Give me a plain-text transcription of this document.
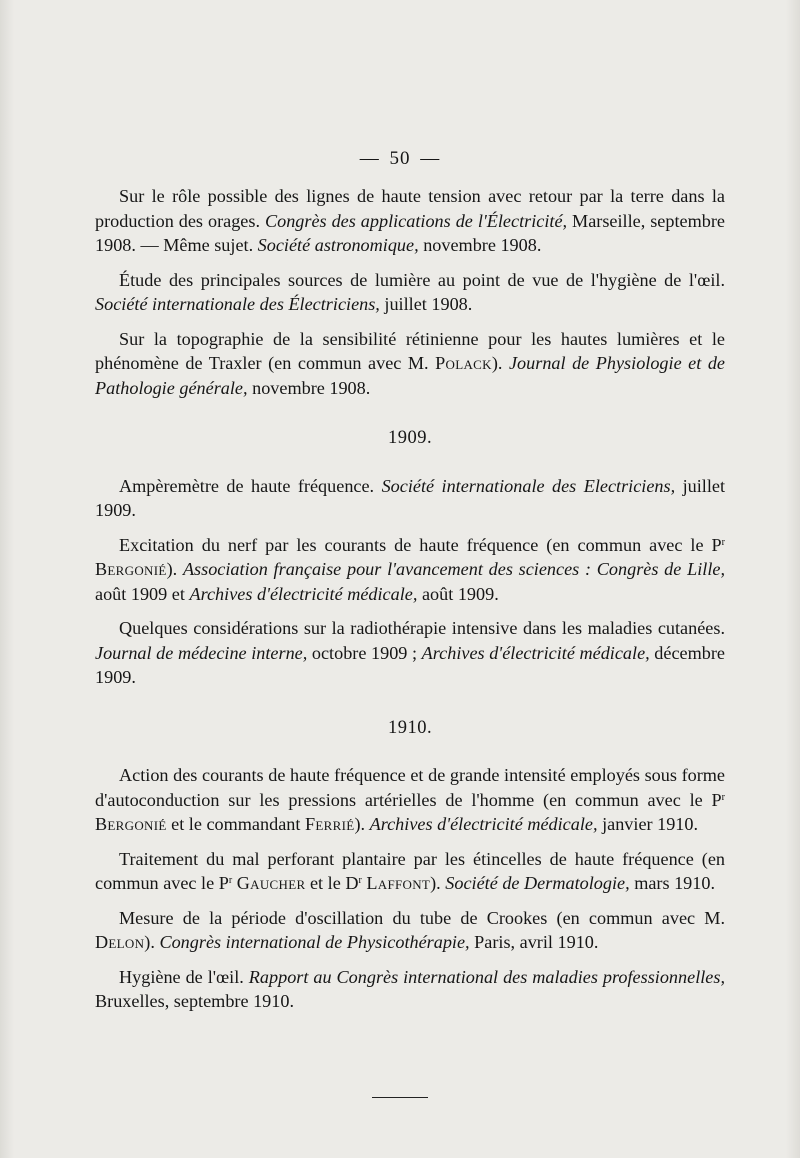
— 50 —

Sur le rôle possible des lignes de haute tension avec retour par la terre dans la production des orages. Congrès des applications de l'Électricité, Marseille, septembre 1908. — Même sujet. Société astronomique, novembre 1908.

Étude des principales sources de lumière au point de vue de l'hygiène de l'œil. Société internationale des Électriciens, juillet 1908.

Sur la topographie de la sensibilité rétinienne pour les hautes lumières et le phénomène de Traxler (en commun avec M. Polack). Journal de Physiologie et de Pathologie générale, novembre 1908.

1909.

Ampèremètre de haute fréquence. Société internationale des Electriciens, juillet 1909.

Excitation du nerf par les courants de haute fréquence (en commun avec le $P^r$ Bergonié). Association française pour l'avancement des sciences : Congrès de Lille, août 1909 et Archives d'électricité médicale, août 1909.

Quelques considérations sur la radiothérapie intensive dans les maladies cutanées. Journal de médecine interne, octobre 1909 ; Archives d'électricité médicale, décembre 1909.

1910.

Action des courants de haute fréquence et de grande intensité employés sous forme d'autoconduction sur les pressions artérielles de l'homme (en commun avec le $P^r$ Bergonié et le commandant Ferrié). Archives d'électricité médicale, janvier 1910.

Traitement du mal perforant plantaire par les étincelles de haute fréquence (en commun avec le $P^r$ Gaucher et le $D^r$ Laffont). Société de Dermatologie, mars 1910.

Mesure de la période d'oscillation du tube de Crookes (en commun avec M. Delon). Congrès international de Physicothérapie, Paris, avril 1910.

Hygiène de l'œil. Rapport au Congrès international des maladies professionnelles, Bruxelles, septembre 1910.
